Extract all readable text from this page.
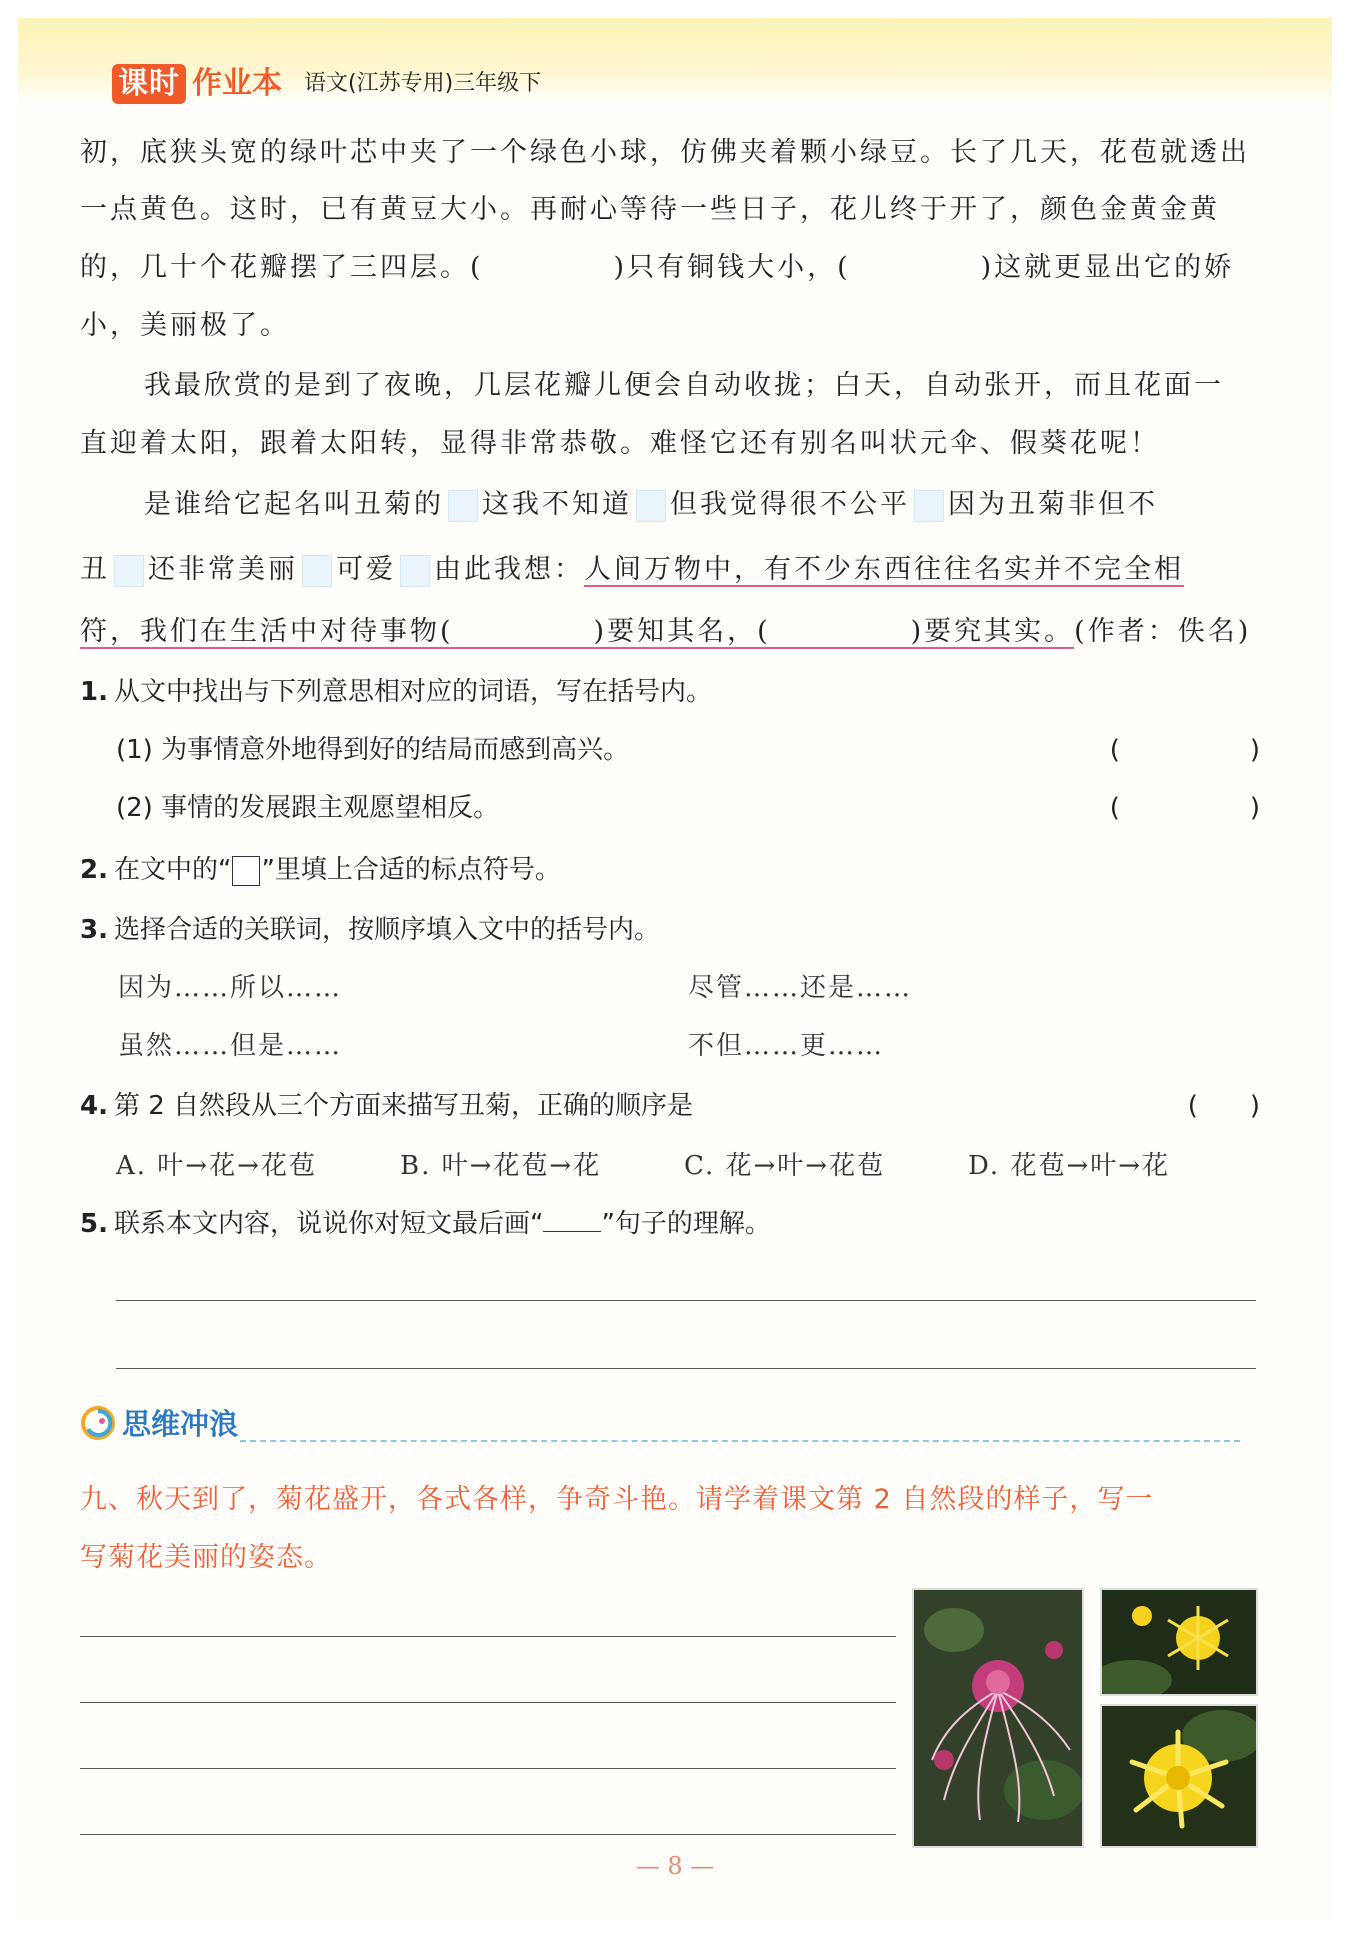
课时 作业本 语文(江苏专用)三年级下
初，底狭头宽的绿叶芯中夹了一个绿色小球，仿佛夹着颗小绿豆。长了几天，花苞就透出
一点黄色。这时，已有黄豆大小。再耐心等待一些日子，花儿终于开了，颜色金黄金黄
的，几十个花瓣摆了三四层。(	)只有铜钱大小，(	)这就更显出它的娇
小，美丽极了。
我最欣赏的是到了夜晚，几层花瓣儿便会自动收拢；白天，自动张开，而且花面一
直迎着太阳，跟着太阳转，显得非常恭敬。难怪它还有别名叫状元伞、假葵花呢！
是谁给它起名叫丑菊的 这我不知道 但我觉得很不公平 因为丑菊非但不
丑 还非常美丽 可爱 由此我想：人间万物中，有不少东西往往名实并不完全相
符，我们在生活中对待事物(	)要知其名，(	)要究其实。(作者：佚名)
1. 从文中找出与下列意思相对应的词语，写在括号内。
(1) 为事情意外地得到好的结局而感到高兴。	(　　　　　)
(2) 事情的发展跟主观愿望相反。	(　　　　　)
2. 在文中的“ ”里填上合适的标点符号。
3. 选择合适的关联词，按顺序填入文中的括号内。
因为……所以……	尽管……还是……
虽然……但是……	不但……更……
4. 第 2 自然段从三个方面来描写丑菊，正确的顺序是	(　　)
A. 叶→花→花苞	B. 叶→花苞→花	C. 花→叶→花苞	D. 花苞→叶→花
5. 联系本文内容，说说你对短文最后画“ ”句子的理解。
思维冲浪
九、秋天到了，菊花盛开，各式各样，争奇斗艳。请学着课文第 2 自然段的样子，写一
写菊花美丽的姿态。
— 8 —
